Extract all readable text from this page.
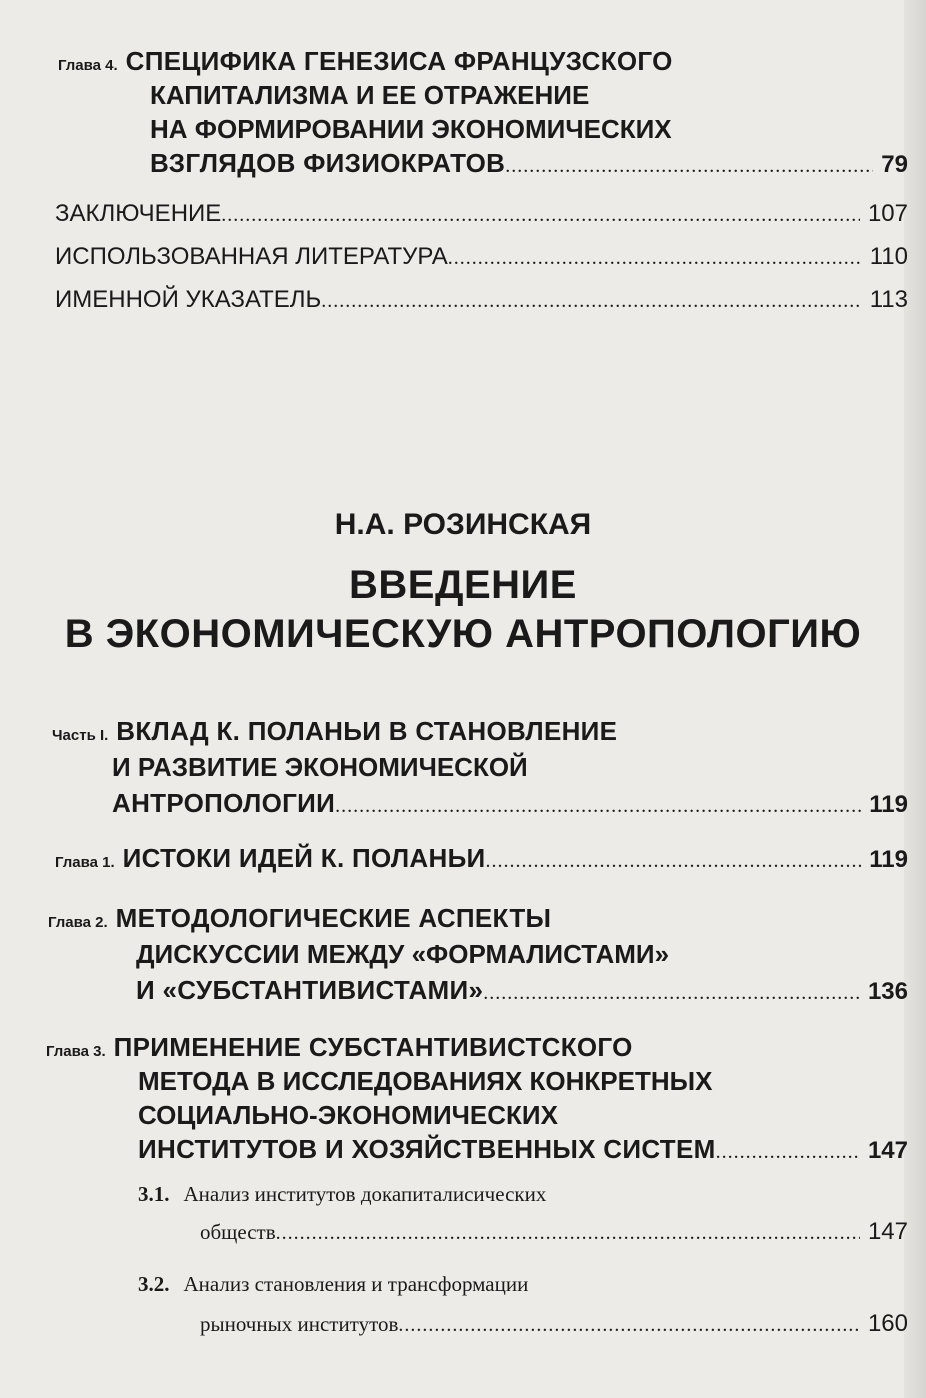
Глава 4. СПЕЦИФИКА ГЕНЕЗИСА ФРАНЦУЗСКОГО
КАПИТАЛИЗМА И ЕЕ ОТРАЖЕНИЕ
НА ФОРМИРОВАНИИ ЭКОНОМИЧЕСКИХ
ВЗГЛЯДОВ ФИЗИОКРАТОВ .....	79
ЗАКЛЮЧЕНИЕ .....	107
ИСПОЛЬЗОВАННАЯ ЛИТЕРАТУРА .....	110
ИМЕННОЙ УКАЗАТЕЛЬ .....	113
Н.А. РОЗИНСКАЯ
ВВЕДЕНИЕ
В ЭКОНОМИЧЕСКУЮ АНТРОПОЛОГИЮ
Часть I. ВКЛАД К. ПОЛАНЬИ В СТАНОВЛЕНИЕ
И РАЗВИТИЕ ЭКОНОМИЧЕСКОЙ
АНТРОПОЛОГИИ .....	119
Глава 1. ИСТОКИ ИДЕЙ К. ПОЛАНЬИ .....	119
Глава 2. МЕТОДОЛОГИЧЕСКИЕ АСПЕКТЫ
ДИСКУССИИ МЕЖДУ «ФОРМАЛИСТАМИ»
И «СУБСТАНТИВИСТАМИ» .....	136
Глава 3. ПРИМЕНЕНИЕ СУБСТАНТИВИСТСКОГО
МЕТОДА В ИССЛЕДОВАНИЯХ КОНКРЕТНЫХ
СОЦИАЛЬНО-ЭКОНОМИЧЕСКИХ
ИНСТИТУТОВ И ХОЗЯЙСТВЕННЫХ СИСТЕМ .....	147
3.1. Анализ институтов докапиталисических
обществ .....	147
3.2. Анализ становления и трансформации
рыночных институтов .....	160
